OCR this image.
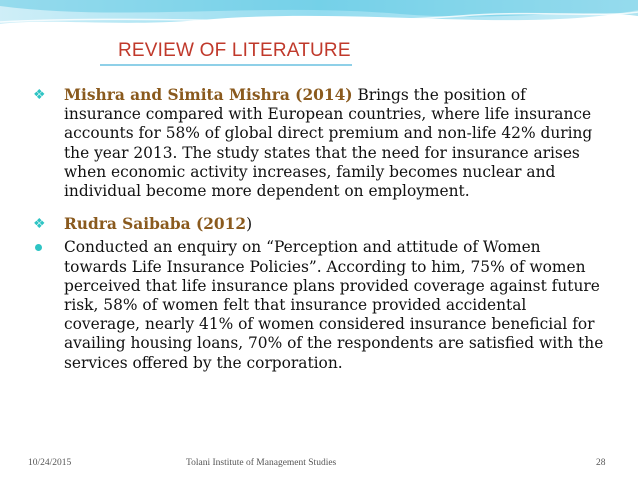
REVIEW OF LITERATURE
❖ Mishra and Simita Mishra (2014) Brings the position of insurance compared with European countries, where life insurance accounts for 58% of global direct premium and non-life 42% during the year 2013. The study states that the need for insurance arises when economic activity increases, family becomes nuclear and individual become more dependent on employment.
❖ Rudra Saibaba (2012)
Conducted an enquiry on “Perception and attitude of Women towards Life Insurance Policies”. According to him, 75% of women perceived that life insurance plans provided coverage against future risk, 58% of women felt that insurance provided accidental coverage, nearly 41% of women considered insurance beneficial for availing housing loans, 70% of the respondents are satisfied with the services offered by the corporation.
10/24/2015	Tolani Institute of Management Studies	28
